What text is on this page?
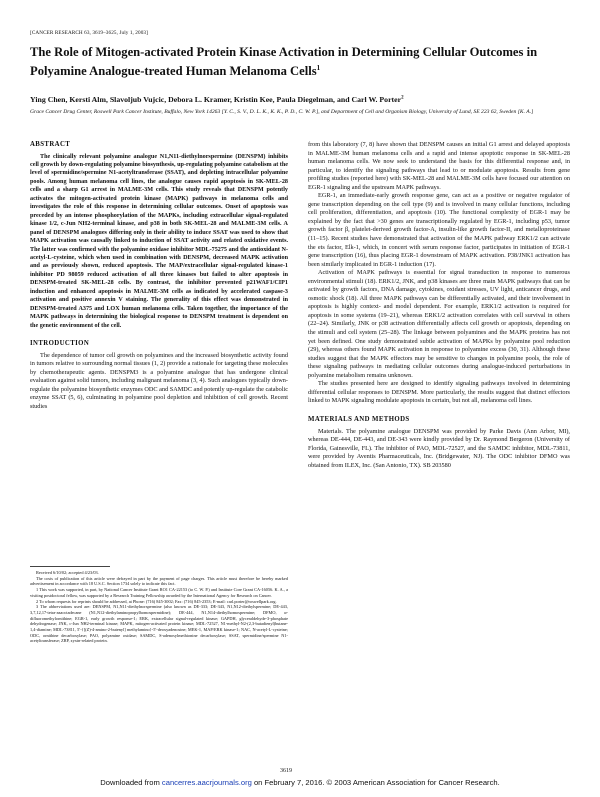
[CANCER RESEARCH 63, 3619–3625, July 1, 2003]
The Role of Mitogen-activated Protein Kinase Activation in Determining Cellular Outcomes in Polyamine Analogue-treated Human Melanoma Cells$^1$
Ying Chen, Kersti Alm, Slavoljub Vujcic, Debora L. Kramer, Kristin Kee, Paula Diegelman, and Carl W. Porter$^2$
Grace Cancer Drug Center, Roswell Park Cancer Institute, Buffalo, New York 14263 [Y. C., S. V., D. L. K., K. K., P. D., C. W. P.], and Department of Cell and Organism Biology, University of Lund, SE 223 62, Sweden [K. A.]
ABSTRACT

The clinically relevant polyamine analogue N1,N11-diethylnorspermine (DENSPM) inhibits cell growth by down-regulating polyamine biosynthesis, up-regulating polyamine catabolism at the level of spermidine/spermine N1-acetyltransferase (SSAT), and depleting intracellular polyamine pools. Among human melanoma cell lines, the analogue causes rapid apoptosis in SK-MEL-28 cells and a sharp G1 arrest in MALME-3M cells. This study reveals that DENSPM potently activates the mitogen-activated protein kinase (MAPK) pathways in melanoma cells and investigates the role of this response in determining cellular outcomes. Onset of apoptosis was preceded by an intense phosphorylation of the MAPKs, including extracellular signal-regulated kinase 1/2, c-Jun NH2-terminal kinase, and p38 in both SK-MEL-28 and MALME-3M cells. A panel of DENSPM analogues differing only in their ability to induce SSAT was used to show that MAPK activation was causally linked to induction of SSAT activity and related oxidative events. The latter was confirmed with the polyamine oxidase inhibitor MDL-75275 and the antioxidant N-acetyl-L-cysteine, which when used in combination with DENSPM, decreased MAPK activation and as previously shown, reduced apoptosis. The MAP/extracellular signal-regulated kinase-1 inhibitor PD 98059 reduced activation of all three kinases but failed to alter apoptosis in DENSPM-treated SK-MEL-28 cells. By contrast, the inhibitor prevented p21WAF1/CIP1 induction and enhanced apoptosis in MALME-3M cells as indicated by accelerated caspase-3 activation and positive annexin V staining. The generality of this effect was demonstrated in DENSPM-treated A375 and LOX human melanoma cells. Taken together, the importance of the MAPK pathways in determining the biological response to DENSPM treatment is dependent on the genetic environment of the cell.

INTRODUCTION

The dependence of tumor cell growth on polyamines and the increased biosynthetic activity found in tumors relative to surrounding normal tissues (1, 2) provide a rationale for targeting these molecules by chemotherapeutic agents. DENSPM3 is a polyamine analogue that has undergone clinical evaluation against solid tumors, including malignant melanoma (3, 4). Such analogues typically down-regulate the polyamine biosynthetic enzymes ODC and SAMDC and potently up-regulate the catabolic enzyme SSAT (5, 6), culminating in polyamine pool depletion and inhibition of cell growth. Recent studies

Received 6/10/02; accepted 4/23/03.

The costs of publication of this article were defrayed in part by the payment of page charges. This article must therefore be hereby marked advertisement in accordance with 18 U.S.C. Section 1734 solely to indicate this fact.

1 This work was supported, in part, by National Cancer Institute Grant RO1 CA-22153 (to C. W. P.) and Institute Core Grant CA-16056. K. A., a visiting postdoctoral fellow, was supported by a Research Training Fellowship awarded by the International Agency for Research on Cancer.

2 To whom requests for reprints should be addressed, at Phone: (716) 845-3002; Fax: (716) 845-2353; E-mail: carl.porter@roswellpark.org.

3 The abbreviations used are: DENSPM, N1,N11-diethylnorspermine (also known as DE-333; DE-343, N1,N12-diethylspermine; DE-443, 3,7,12,17-tetra-azaoctadecane (N1,N12-diethylaminopropylhomospermidine); DE-444, N1,N14-diethylhomospermine; DFMO, α-difluoromethylornithine; EGR-1, early growth response-1; ERK, extracellular signal-regulated kinase; GAPDH, glyceraldehyde-3-phosphate dehydrogenase; JNK, c-Jun NH2-terminal kinase; MAPK, mitogen-activated protein kinase; MDL-72527, N1-methyl-N2-(2,3-butadienyl)butane-1,4-diamine; MDL-73811, 5′-{[(Z)-4-amino-2-butenyl] methylamino}-5′-deoxyadenosine; MEK-1, MAP/ERK kinase-1; NAC, N-acetyl-L-cysteine; ODC, ornithine decarboxylase; PAO, polyamine oxidase; SAMDC, S-adenosylmethionine decarboxylase; SSAT, spermidine/spermine N1-acetyltransferase; ZRP, zyxin-related protein.

from this laboratory (7, 8) have shown that DENSPM causes an initial G1 arrest and delayed apoptosis in MALME-3M human melanoma cells and a rapid and intense apoptotic response in SK-MEL-28 human melanoma cells. We now seek to understand the basis for this differential response and, in particular, to identify the signaling pathways that lead to or modulate apoptosis. Results from gene profiling studies (reported here) with SK-MEL-28 and MALME-3M cells have focused our attention on EGR-1 signaling and the upstream MAPK pathways.

EGR-1, an immediate-early growth response gene, can act as a positive or negative regulator of gene transcription depending on the cell type (9) and is involved in many cellular functions, including cell proliferation, differentiation, and apoptosis (10). The functional complexity of EGR-1 may be explained by the fact that >30 genes are transcriptionally regulated by EGR-1, including p53, tumor growth factor β, platelet-derived growth factor-A, insulin-like growth factor-II, and metalloproteinase (11–15). Recent studies have demonstrated that activation of the MAPK pathway ERK1/2 can activate the ets factor, Elk-1, which, in concert with serum response factor, participates in initiation of EGR-1 gene transcription (16), thus placing EGR-1 downstream of MAPK activation. P38/JNK1 activation has been similarly implicated in EGR-1 induction (17).

Activation of MAPK pathways is essential for signal transduction in response to numerous environmental stimuli (18). ERK1/2, JNK, and p38 kinases are three main MAPK pathways that can be activated by growth factors, DNA damage, cytokines, oxidant stresses, UV light, anticancer drugs, and osmotic shock (18). All three MAPK pathways can be differentially activated, and their involvement in apoptosis is highly context- and model dependent. For example, ERK1/2 activation is required for apoptosis in some systems (19–21), whereas ERK1/2 activation correlates with cell survival in others (22–24). Similarly, JNK or p38 activation differentially affects cell growth or apoptosis, depending on the stimuli and cell system (25–28). The linkage between polyamines and the MAPK proteins has not yet been defined. One study demonstrated subtle activation of MAPKs by polyamine pool reduction (29), whereas others found MAPK activation in response to polyamine excess (30, 31). Although these studies suggest that the MAPK effectors may be sensitive to changes in polyamine pools, the role of these signaling pathways in mediating cellular outcomes during analogue-induced perturbations in polyamine metabolism remains unknown.

The studies presented here are designed to identify signaling pathways involved in determining differential cellular responses to DENSPM. More particularly, the results suggest that distinct effectors linked to MAPK signaling modulate apoptosis in certain, but not all, melanoma cell lines.

MATERIALS AND METHODS

Materials. The polyamine analogue DENSPM was provided by Parke Davis (Ann Arbor, MI), whereas DE-444, DE-443, and DE-343 were kindly provided by Dr. Raymond Bergeron (University of Florida, Gainesville, FL). The inhibitor of PAO, MDL-72527, and the SAMDC inhibitor, MDL-73811, were provided by Aventis Pharmaceuticals, Inc. (Bridgewater, NJ). The ODC inhibitor DFMO was obtained from ILEX, Inc. (San Antonio, TX). SB 203580

3619
Downloaded from cancerres.aacrjournals.org on February 7, 2016. © 2003 American Association for Cancer Research.
